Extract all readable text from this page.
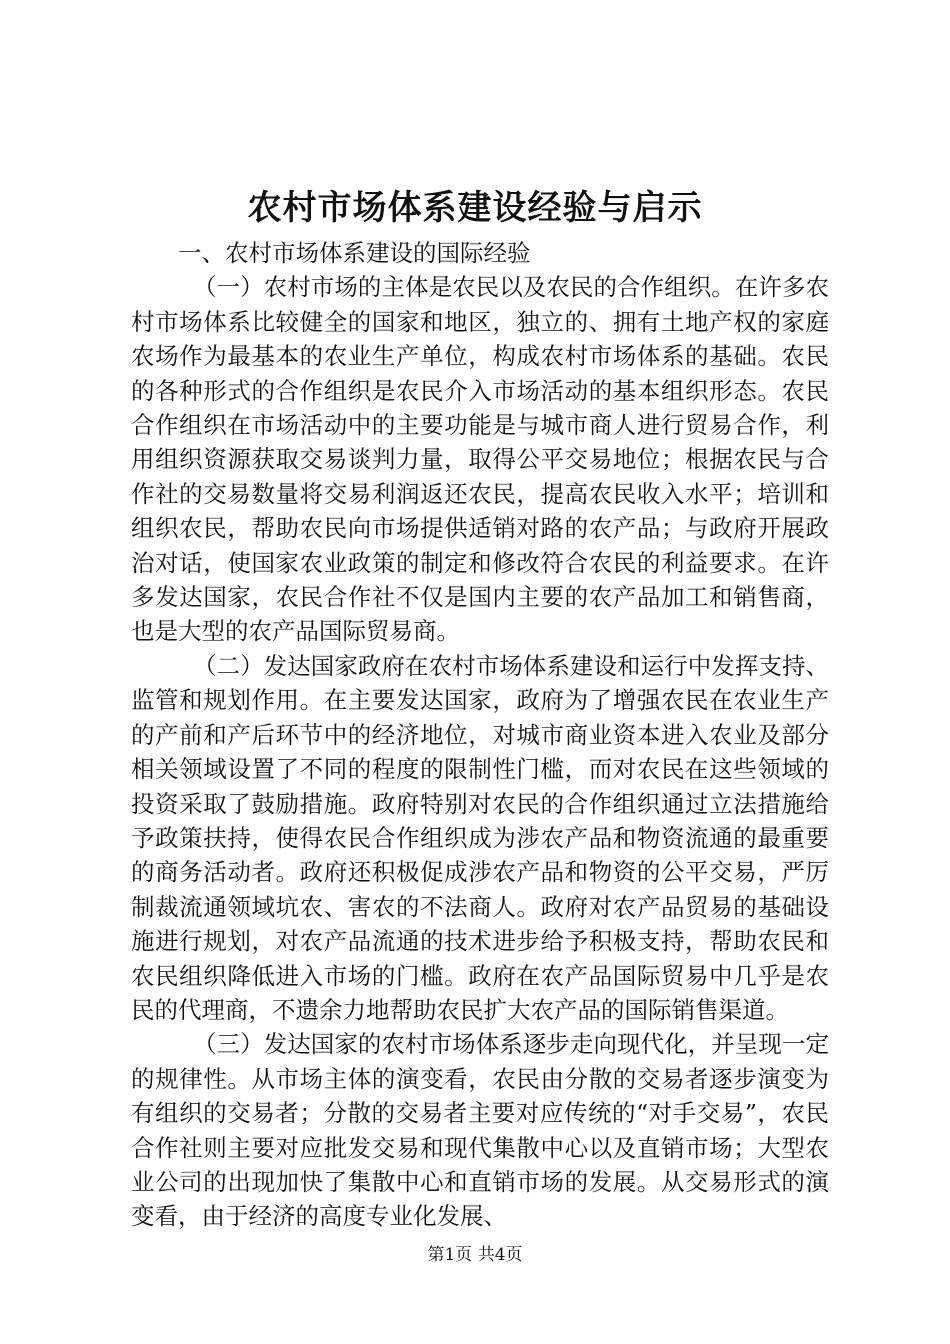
农村市场体系建设经验与启示

一、农村市场体系建设的国际经验

（一）农村市场的主体是农民以及农民的合作组织。在许多农村市场体系比较健全的国家和地区，独立的、拥有土地产权的家庭农场作为最基本的农业生产单位，构成农村市场体系的基础。农民的各种形式的合作组织是农民介入市场活动的基本组织形态。农民合作组织在市场活动中的主要功能是与城市商人进行贸易合作，利用组织资源获取交易谈判力量，取得公平交易地位；根据农民与合作社的交易数量将交易利润返还农民，提高农民收入水平；培训和组织农民，帮助农民向市场提供适销对路的农产品；与政府开展政治对话，使国家农业政策的制定和修改符合农民的利益要求。在许多发达国家，农民合作社不仅是国内主要的农产品加工和销售商，也是大型的农产品国际贸易商。

（二）发达国家政府在农村市场体系建设和运行中发挥支持、监管和规划作用。在主要发达国家，政府为了增强农民在农业生产的产前和产后环节中的经济地位，对城市商业资本进入农业及部分相关领域设置了不同的程度的限制性门槛，而对农民在这些领域的投资采取了鼓励措施。政府特别对农民的合作组织通过立法措施给予政策扶持，使得农民合作组织成为涉农产品和物资流通的最重要的商务活动者。政府还积极促成涉农产品和物资的公平交易，严厉制裁流通领域坑农、害农的不法商人。政府对农产品贸易的基础设施进行规划，对农产品流通的技术进步给予积极支持，帮助农民和农民组织降低进入市场的门槛。政府在农产品国际贸易中几乎是农民的代理商，不遗余力地帮助农民扩大农产品的国际销售渠道。

（三）发达国家的农村市场体系逐步走向现代化，并呈现一定的规律性。从市场主体的演变看，农民由分散的交易者逐步演变为有组织的交易者；分散的交易者主要对应传统的“对手交易”，农民合作社则主要对应批发交易和现代集散中心以及直销市场；大型农业公司的出现加快了集散中心和直销市场的发展。从交易形式的演变看，由于经济的高度专业化发展、

第1页 共4页
